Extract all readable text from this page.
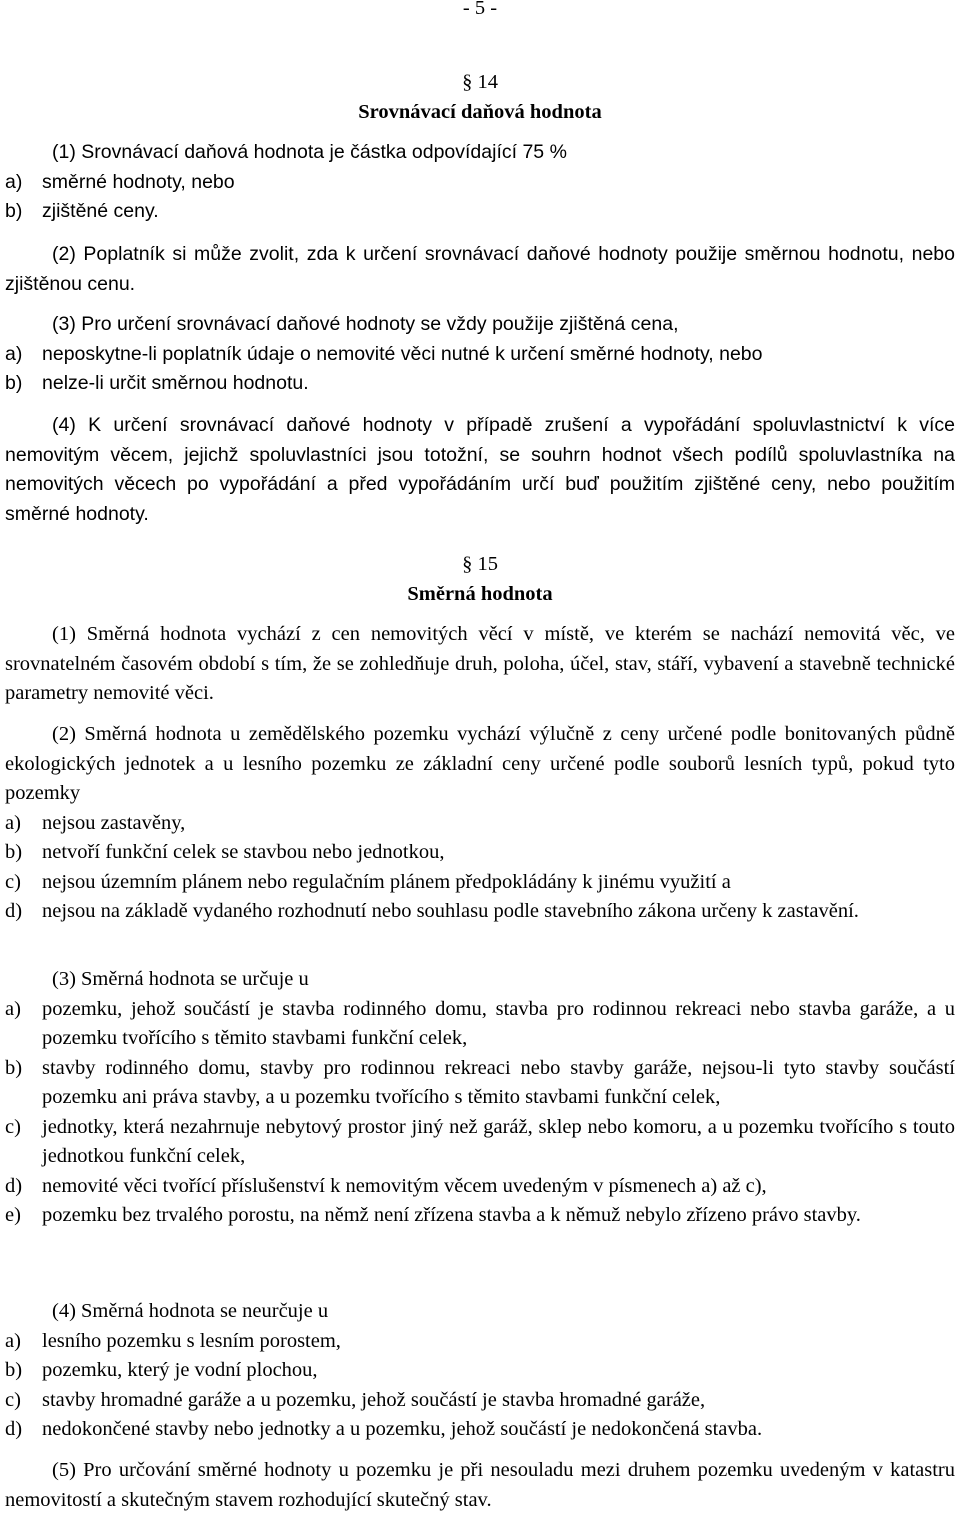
- 5 -
§ 14
Srovnávací daňová hodnota

(1) Srovnávací daňová hodnota je částka odpovídající 75 %

a)	směrné hodnoty, nebo
b)	zjištěné ceny.

(2) Poplatník si může zvolit, zda k určení srovnávací daňové hodnoty použije směrnou hodnotu, nebo zjištěnou cenu.

(3) Pro určení srovnávací daňové hodnoty se vždy použije zjištěná cena,

a)	neposkytne-li poplatník údaje o nemovité věci nutné k určení směrné hodnoty, nebo
b)	nelze-li určit směrnou hodnotu.

(4) K určení srovnávací daňové hodnoty v případě zrušení a vypořádání spoluvlastnictví k více nemovitým věcem, jejichž spoluvlastníci jsou totožní, se souhrn hodnot všech podílů spoluvlastníka na nemovitých věcech po vypořádání a před vypořádáním určí buď použitím zjištěné ceny, nebo použitím směrné hodnoty.

§ 15
Směrná hodnota

(1) Směrná hodnota vychází z cen nemovitých věcí v místě, ve kterém se nachází nemovitá věc, ve srovnatelném časovém období s tím, že se zohledňuje druh, poloha, účel, stav, stáří, vybavení a stavebně technické parametry nemovité věci.

(2) Směrná hodnota u zemědělského pozemku vychází výlučně z ceny určené podle bonitovaných půdně ekologických jednotek a u lesního pozemku ze základní ceny určené podle souborů lesních typů, pokud tyto pozemky

a)	nejsou zastavěny,
b) netvoří funkční celek se stavbou nebo jednotkou,
c)	nejsou územním plánem nebo regulačním plánem předpokládány k jinému využití a
d) nejsou na základě vydaného rozhodnutí nebo souhlasu podle stavebního zákona určeny k zastavění.

(3) Směrná hodnota se určuje u

a)	pozemku, jehož součástí je stavba rodinného domu, stavba pro rodinnou rekreaci nebo stavba garáže, a u pozemku tvořícího s těmito stavbami funkční celek,
b) stavby rodinného domu, stavby pro rodinnou rekreaci nebo stavby garáže, nejsou-li tyto stavby součástí pozemku ani práva stavby, a u pozemku tvořícího s těmito stavbami funkční celek,
c)	jednotky, která nezahrnuje nebytový prostor jiný než garáž, sklep nebo komoru, a u pozemku tvořícího s touto jednotkou funkční celek,
d) nemovité věci tvořící příslušenství k nemovitým věcem uvedeným v písmenech a) až c),
e)	pozemku bez trvalého porostu, na němž není zřízena stavba a k němuž nebylo zřízeno právo stavby.

(4) Směrná hodnota se neurčuje u

a)	lesního pozemku s lesním porostem,
b) pozemku, který je vodní plochou,
c)	stavby hromadné garáže a u pozemku, jehož součástí je stavba hromadné garáže,
d) nedokončené stavby nebo jednotky a u pozemku, jehož součástí je nedokončená stavba.

(5) Pro určování směrné hodnoty u pozemku je při nesouladu mezi druhem pozemku uvedeným v katastru nemovitostí a skutečným stavem rozhodující skutečný stav.
